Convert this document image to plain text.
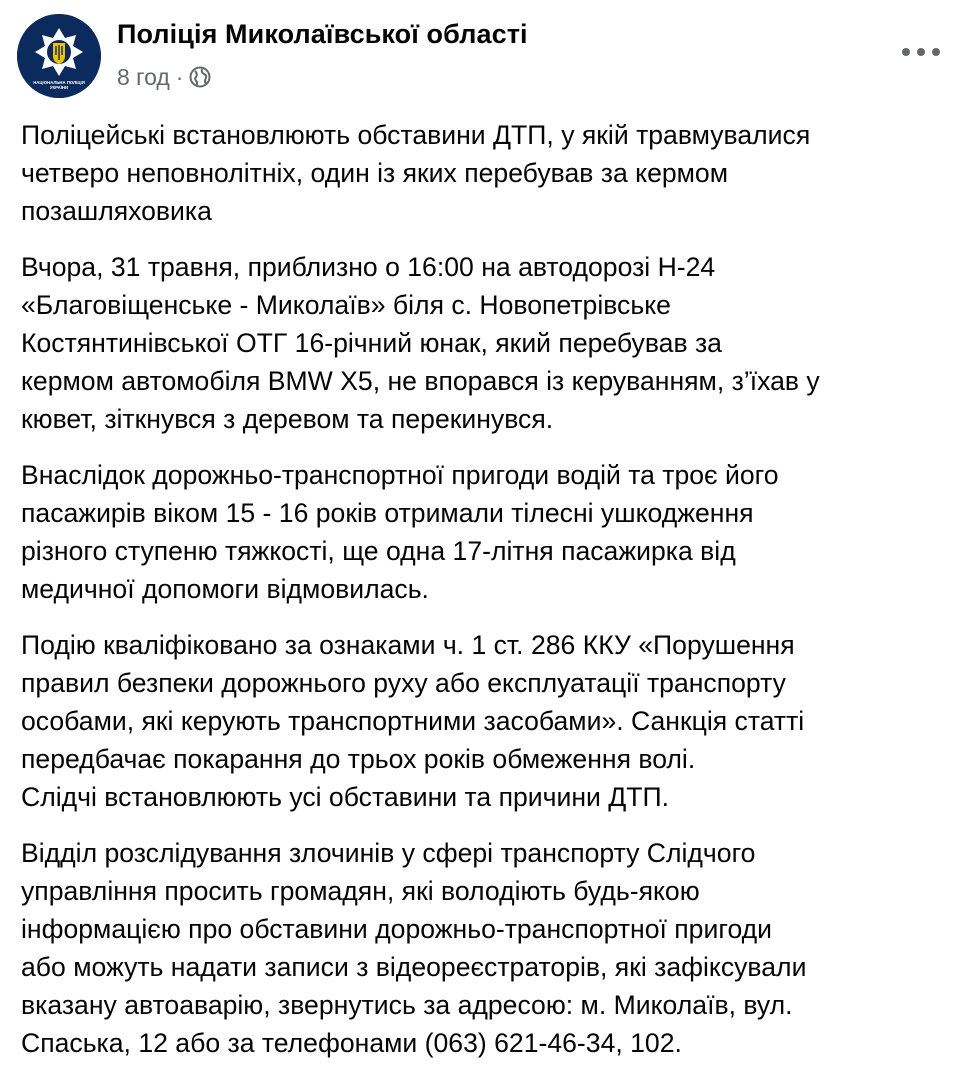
НАЦІОНАЛЬНА ПОЛІЦІЯ
УКРАЇНИ
Поліція Миколаївської області
8 год ·

Поліцейські встановлюють обставини ДТП, у якій травмувалися
четверо неповнолітніх, один із яких перебував за кермом
позашляховика

Вчора, 31 травня, приблизно о 16:00 на автодорозі Н-24
«Благовіщенське - Миколаїв» біля с. Новопетрівське
Костянтинівської ОТГ 16-річний юнак, який перебував за
кермом автомобіля BMW X5, не впорався із керуванням, з’їхав у
кювет, зіткнувся з деревом та перекинувся.

Внаслідок дорожньо-транспортної пригоди водій та троє його
пасажирів віком 15 - 16 років отримали тілесні ушкодження
різного ступеню тяжкості, ще одна 17-літня пасажирка від
медичної допомоги відмовилась.

Подію кваліфіковано за ознаками ч. 1 ст. 286 ККУ «Порушення
правил безпеки дорожнього руху або експлуатації транспорту
особами, які керують транспортними засобами». Санкція статті
передбачає покарання до трьох років обмеження волі.
Слідчі встановлюють усі обставини та причини ДТП.

Відділ розслідування злочинів у сфері транспорту Слідчого
управління просить громадян, які володіють будь-якою
інформацією про обставини дорожньо-транспортної пригоди
або можуть надати записи з відеореєстраторів, які зафіксували
вказану автоаварію, звернутись за адресою: м. Миколаїв, вул.
Спаська, 12 або за телефонами (063) 621-46-34, 102.
